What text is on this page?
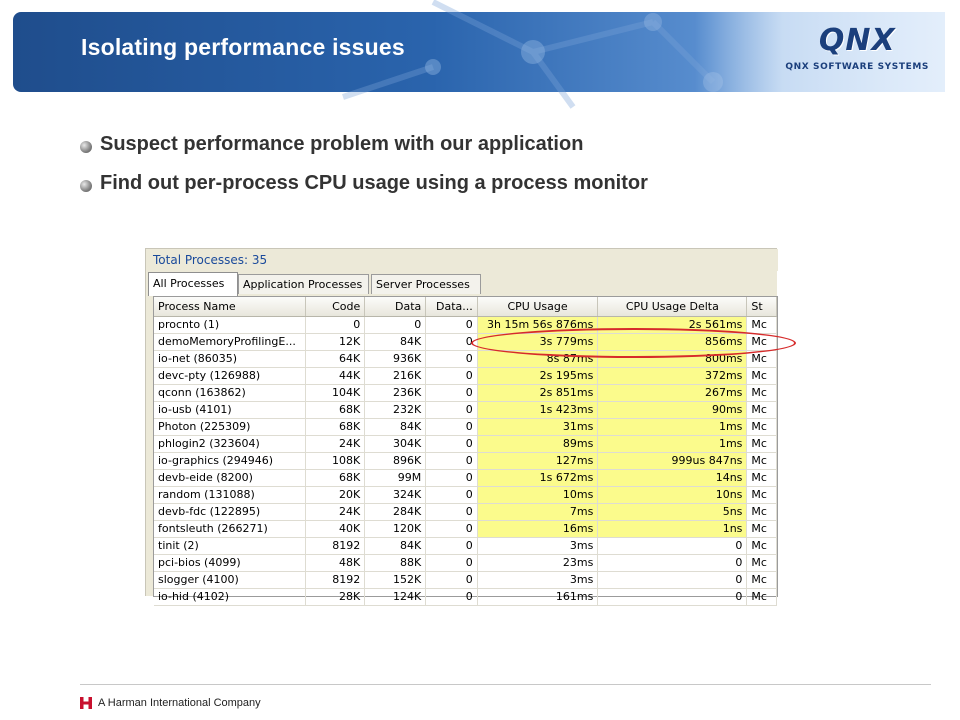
Isolating performance issues	QNX
QNX SOFTWARE SYSTEMS
Suspect performance problem with our application
Find out per-process CPU usage using a process monitor
Total Processes: 35
All Processes	Application Processes	Server Processes
Process Name	Code	Data	Data...	CPU Usage	CPU Usage Delta	St
procnto (1)	0	0	0	3h 15m 56s 876ms	2s 561ms	Mc
demoMemoryProfilingE...	12K	84K	0	3s 779ms	856ms	Mc
io-net (86035)	64K	936K	0	8s 87ms	800ms	Mc
devc-pty (126988)	44K	216K	0	2s 195ms	372ms	Mc
qconn (163862)	104K	236K	0	2s 851ms	267ms	Mc
io-usb (4101)	68K	232K	0	1s 423ms	90ms	Mc
Photon (225309)	68K	84K	0	31ms	1ms	Mc
phlogin2 (323604)	24K	304K	0	89ms	1ms	Mc
io-graphics (294946)	108K	896K	0	127ms	999us 847ns	Mc
devb-eide (8200)	68K	99M	0	1s 672ms	14ns	Mc
random (131088)	20K	324K	0	10ms	10ns	Mc
devb-fdc (122895)	24K	284K	0	7ms	5ns	Mc
fontsleuth (266271)	40K	120K	0	16ms	1ns	Mc
tinit (2)	8192	84K	0	3ms	0	Mc
pci-bios (4099)	48K	88K	0	23ms	0	Mc
slogger (4100)	8192	152K	0	3ms	0	Mc
io-hid (4102)	28K	124K	0	161ms	0	Mc
A Harman International Company
